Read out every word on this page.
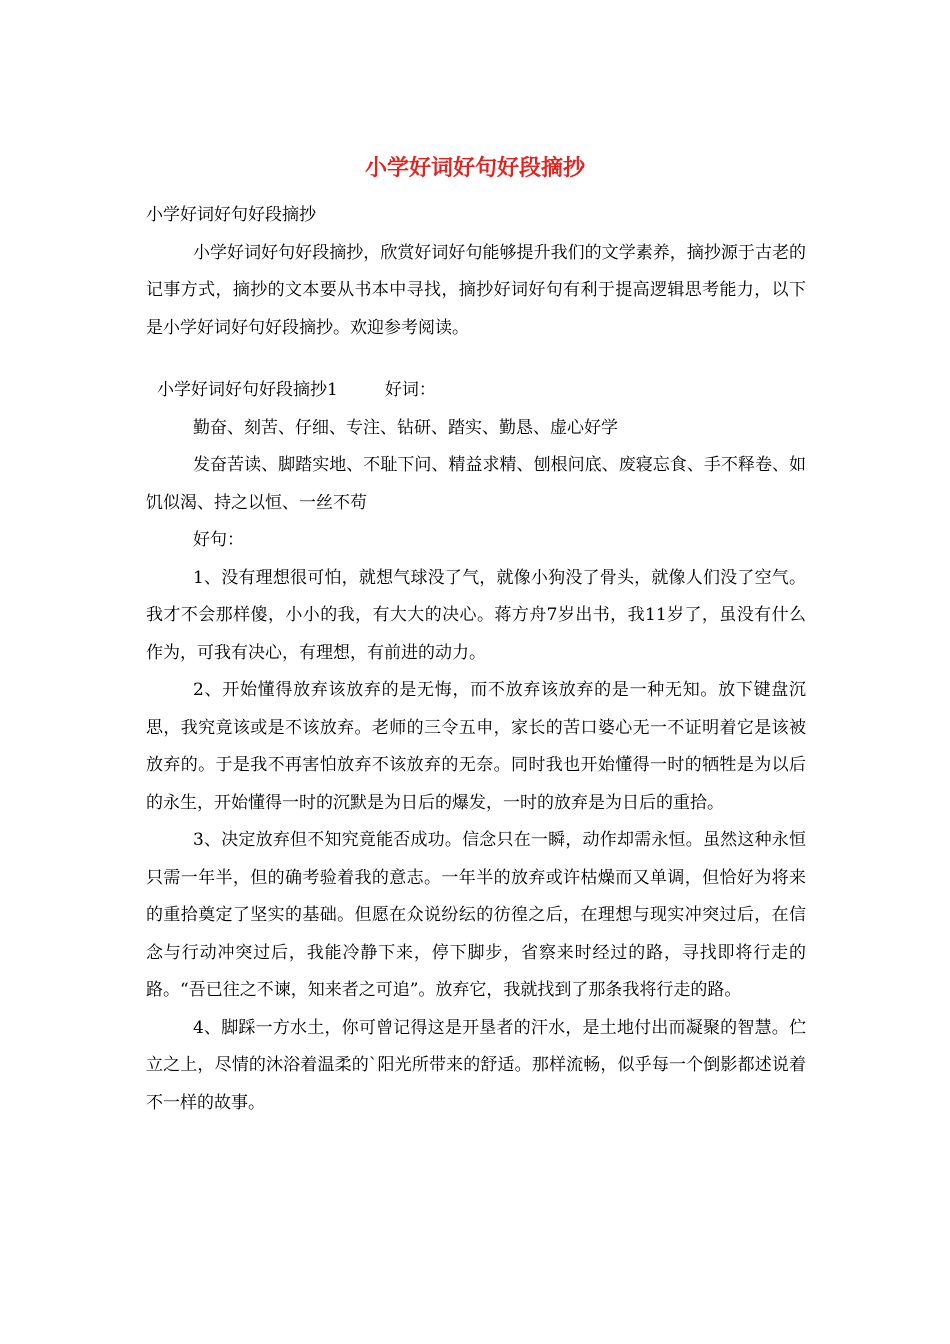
小学好词好句好段摘抄

小学好词好句好段摘抄

小学好词好句好段摘抄，欣赏好词好句能够提升我们的文学素养，摘抄源于古老的记事方式，摘抄的文本要从书本中寻找，摘抄好词好句有利于提高逻辑思考能力，以下是小学好词好句好段摘抄。欢迎参考阅读。

小学好词好句好段摘抄1	好词：

勤奋、刻苦、仔细、专注、钻研、踏实、勤恳、虚心好学

发奋苦读、脚踏实地、不耻下问、精益求精、刨根问底、废寝忘食、手不释卷、如饥似渴、持之以恒、一丝不苟

好句：

1、没有理想很可怕，就想气球没了气，就像小狗没了骨头，就像人们没了空气。我才不会那样傻，小小的我，有大大的决心。蒋方舟7岁出书，我11岁了，虽没有什么作为，可我有决心，有理想，有前进的动力。

2、开始懂得放弃该放弃的是无悔，而不放弃该放弃的是一种无知。放下键盘沉思，我究竟该或是不该放弃。老师的三令五申，家长的苦口婆心无一不证明着它是该被放弃的。于是我不再害怕放弃不该放弃的无奈。同时我也开始懂得一时的牺牲是为以后的永生，开始懂得一时的沉默是为日后的爆发，一时的放弃是为日后的重拾。

3、决定放弃但不知究竟能否成功。信念只在一瞬，动作却需永恒。虽然这种永恒只需一年半，但的确考验着我的意志。一年半的放弃或许枯燥而又单调，但恰好为将来的重拾奠定了坚实的基础。但愿在众说纷纭的彷徨之后，在理想与现实冲突过后，在信念与行动冲突过后，我能冷静下来，停下脚步，省察来时经过的路，寻找即将行走的路。“吾已往之不谏，知来者之可追”。放弃它，我就找到了那条我将行走的路。

4、脚踩一方水土，你可曾记得这是开垦者的汗水，是土地付出而凝聚的智慧。伫立之上，尽情的沐浴着温柔的`阳光所带来的舒适。那样流畅，似乎每一个倒影都述说着不一样的故事。
